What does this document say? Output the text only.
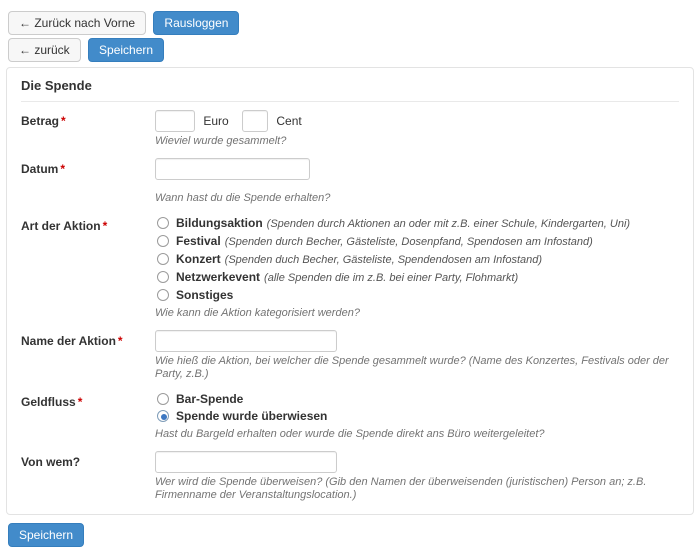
← Zurück nach Vorne Rausloggen
← zurück Speichern
Die Spende
Betrag *	Euro	Cent
Wieviel wurde gesammelt?
Datum *
Wann hast du die Spende erhalten?
Art der Aktion *	Bildungsaktion (Spenden durch Aktionen an oder mit z.B. einer Schule, Kindergarten, Uni)
Festival (Spenden durch Becher, Gästeliste, Dosenpfand, Spendosen am Infostand)
Konzert (Spenden duch Becher, Gästeliste, Spendendosen am Infostand)
Netzwerkevent (alle Spenden die im z.B. bei einer Party, Flohmarkt)
Sonstiges
Wie kann die Aktion kategorisiert werden?
Name der Aktion *
Wie hieß die Aktion, bei welcher die Spende gesammelt wurde? (Name des Konzertes, Festivals oder der Party, z.B.)
Geldfluss *	Bar-Spende
Spende wurde überwiesen
Hast du Bargeld erhalten oder wurde die Spende direkt ans Büro weitergeleitet?
Von wem?
Wer wird die Spende überweisen? (Gib den Namen der überweisenden (juristischen) Person an; z.B. Firmenname der Veranstaltungslocation.)
Speichern
